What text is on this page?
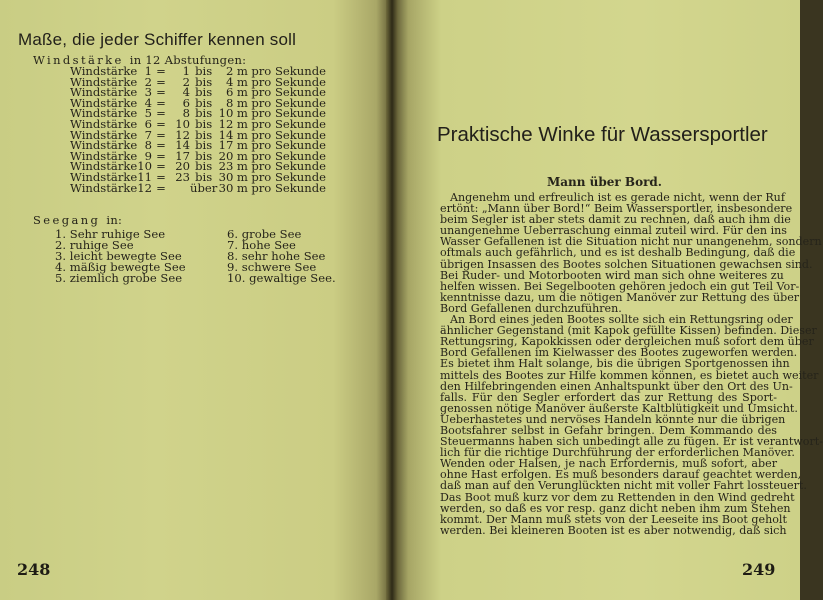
Maße, die jeder Schiffer kennen soll
Windstärke in 12 Abstufungen:
Windstärke	1	=	1	bis	2	m	pro Sekunde
Windstärke	2	=	2	bis	4	m	pro Sekunde
Windstärke	3	=	4	bis	6	m	pro Sekunde
Windstärke	4	=	6	bis	8	m	pro Sekunde
Windstärke	5	=	8	bis	10	m	pro Sekunde
Windstärke	6	=	10	bis	12	m	pro Sekunde
Windstärke	7	=	12	bis	14	m	pro Sekunde
Windstärke	8	=	14	bis	17	m	pro Sekunde
Windstärke	9	=	17	bis	20	m	pro Sekunde
Windstärke	10	=	20	bis	23	m	pro Sekunde
Windstärke	11	=	23	bis	30	m	pro Sekunde
Windstärke	12	=		über	30	m	pro Sekunde
Seegang in:
1. Sehr ruhige See
2. ruhige See
3. leicht bewegte See
4. mäßig bewegte See
5. ziemlich grobe See
6. grobe See
7. hohe See
8. sehr hohe See
9. schwere See
10. gewaltige See.
248
Praktische Winke für Wassersportler
Mann über Bord.
Angenehm und erfreulich ist es gerade nicht, wenn der Ruf
ertönt: „Mann über Bord!“ Beim Wassersportler, insbesondere
beim Segler ist aber stets damit zu rechnen, daß auch ihm die
unangenehme Ueberraschung einmal zuteil wird. Für den ins
Wasser Gefallenen ist die Situation nicht nur unangenehm, sondern
oftmals auch gefährlich, und es ist deshalb Bedingung, daß die
übrigen Insassen des Bootes solchen Situationen gewachsen sind.
Bei Ruder- und Motorbooten wird man sich ohne weiteres zu
helfen wissen. Bei Segelbooten gehören jedoch ein gut Teil Vor-
kenntnisse dazu, um die nötigen Manöver zur Rettung des über
Bord Gefallenen durchzuführen.
An Bord eines jeden Bootes sollte sich ein Rettungsring oder
ähnlicher Gegenstand (mit Kapok gefüllte Kissen) befinden. Dieser
Rettungsring, Kapokkissen oder dergleichen muß sofort dem über
Bord Gefallenen im Kielwasser des Bootes zugeworfen werden.
Es bietet ihm Halt solange, bis die übrigen Sportgenossen ihn
mittels des Bootes zur Hilfe kommen können, es bietet auch weiter
den Hilfebringenden einen Anhaltspunkt über den Ort des Un-
falls. Für den Segler erfordert das zur Rettung des Sport-
genossen nötige Manöver äußerste Kaltblütigkeit und Umsicht.
Ueberhastetes und nervöses Handeln könnte nur die übrigen
Bootsfahrer selbst in Gefahr bringen. Dem Kommando des
Steuermanns haben sich unbedingt alle zu fügen. Er ist verantwort-
lich für die richtige Durchführung der erforderlichen Manöver.
Wenden oder Halsen, je nach Erfordernis, muß sofort, aber
ohne Hast erfolgen. Es muß besonders darauf geachtet werden,
daß man auf den Verunglückten nicht mit voller Fahrt lossteuert.
Das Boot muß kurz vor dem zu Rettenden in den Wind gedreht
werden, so daß es vor resp. ganz dicht neben ihm zum Stehen
kommt. Der Mann muß stets von der Leeseite ins Boot geholt
werden. Bei kleineren Booten ist es aber notwendig, daß sich
249
